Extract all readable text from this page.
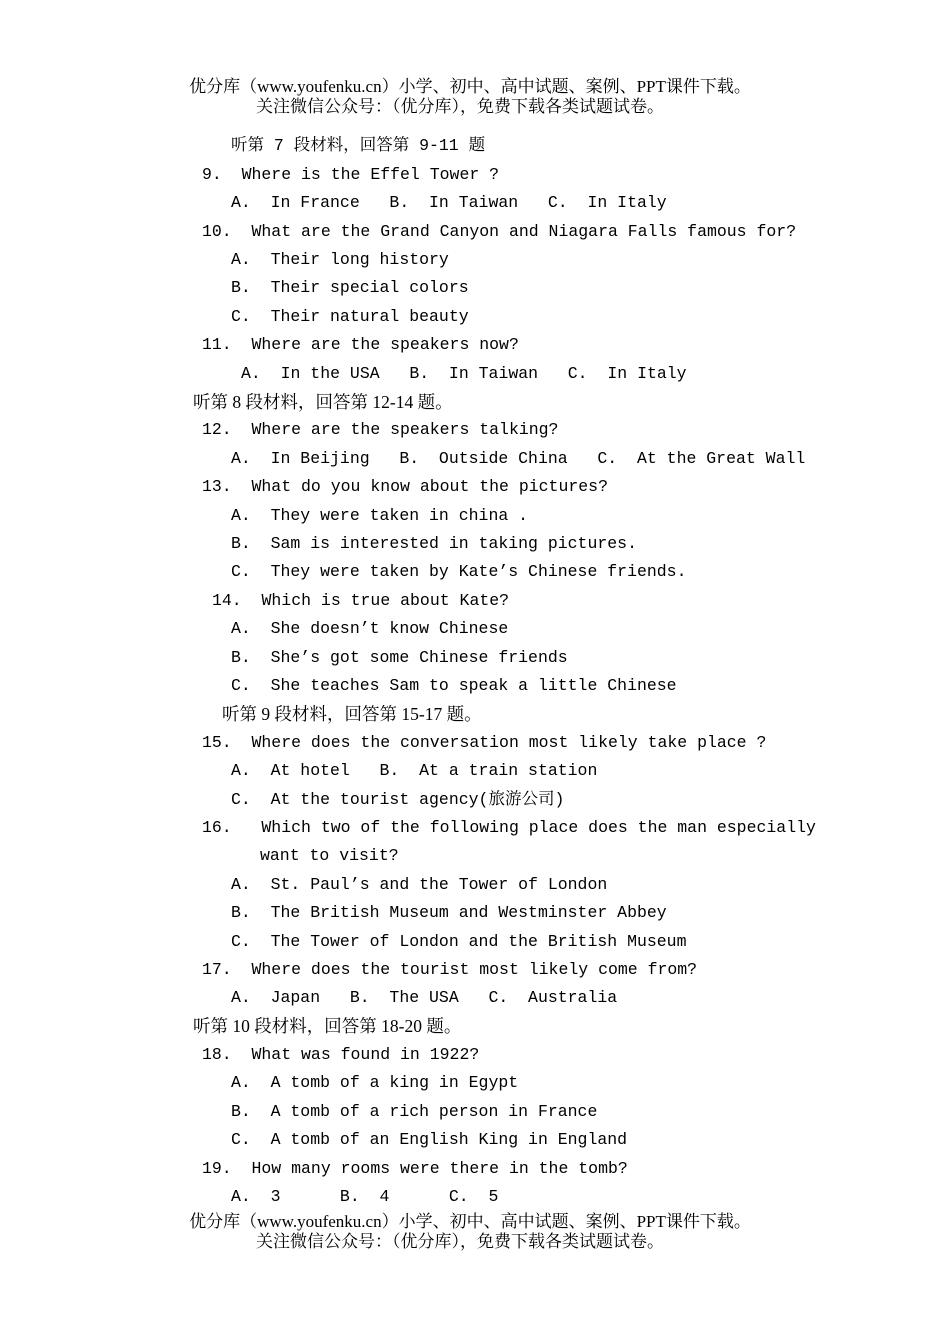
优分库（www.youfenku.cn）小学、初中、高中试题、案例、PPT课件下载。
关注微信公众号：（优分库），免费下载各类试题试卷。
听第 7 段材料，回答第 9-11 题
9.  Where is the Effel Tower ?
A.  In France   B.  In Taiwan   C.  In Italy
10.  What are the Grand Canyon and Niagara Falls famous for?
A.  Their long history
B.  Their special colors
C.  Their natural beauty
11.  Where are the speakers now?
A.  In the USA   B.  In Taiwan   C.  In Italy
听第 8 段材料，回答第 12-14 题。
12.  Where are the speakers talking?
A.  In Beijing   B.  Outside China   C.  At the Great Wall
13.  What do you know about the pictures?
A.  They were taken in china .
B.  Sam is interested in taking pictures.
C.  They were taken by Kate’s Chinese friends.
14.  Which is true about Kate?
A.  She doesn’t know Chinese
B.  She’s got some Chinese friends
C.  She teaches Sam to speak a little Chinese
听第 9 段材料，回答第 15-17 题。
15.  Where does the conversation most likely take place ?
A.  At hotel   B.  At a train station
C.  At the tourist agency(旅游公司)
16.   Which two of the following place does the man especially
want to visit?
A.  St. Paul’s and the Tower of London
B.  The British Museum and Westminster Abbey
C.  The Tower of London and the British Museum
17.  Where does the tourist most likely come from?
A.  Japan   B.  The USA   C.  Australia
听第 10 段材料，回答第 18-20 题。
18.  What was found in 1922?
A.  A tomb of a king in Egypt
B.  A tomb of a rich person in France
C.  A tomb of an English King in England
19.  How many rooms were there in the tomb?
A.  3      B.  4      C.  5
优分库（www.youfenku.cn）小学、初中、高中试题、案例、PPT课件下载。
关注微信公众号：（优分库），免费下载各类试题试卷。
